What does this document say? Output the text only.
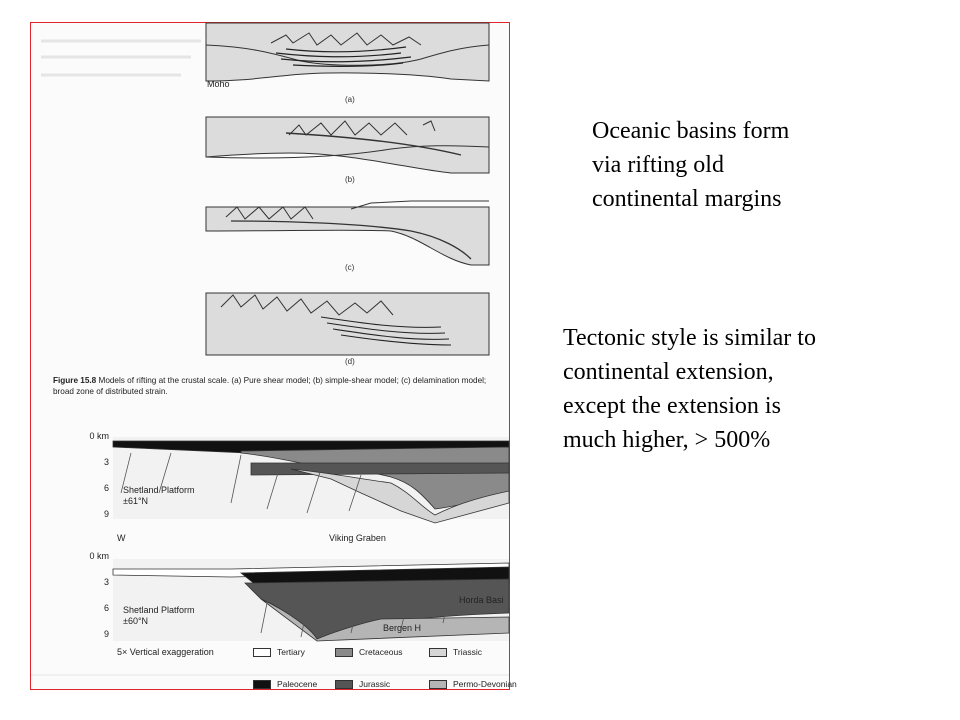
Moho
(a)
(b)
(c)
(d)
Figure 15.8 Models of rifting at the crustal scale. (a) Pure shear model; (b) simple-shear model; (c) delamination model;
broad zone of distributed strain.
0 km
3
6
9
Shetland Platform
±61°N
W	Viking Graben
0 km
3
6
9
Shetland Platform
±60°N
Horda Basi
Bergen H
5× Vertical exaggeration	Tertiary	Cretaceous	Triassic
Paleocene	Jurassic	Permo-Devonian
Oceanic basins form
via rifting old
continental margins
Tectonic style is similar to
continental extension,
except the extension is
much higher, > 500%
